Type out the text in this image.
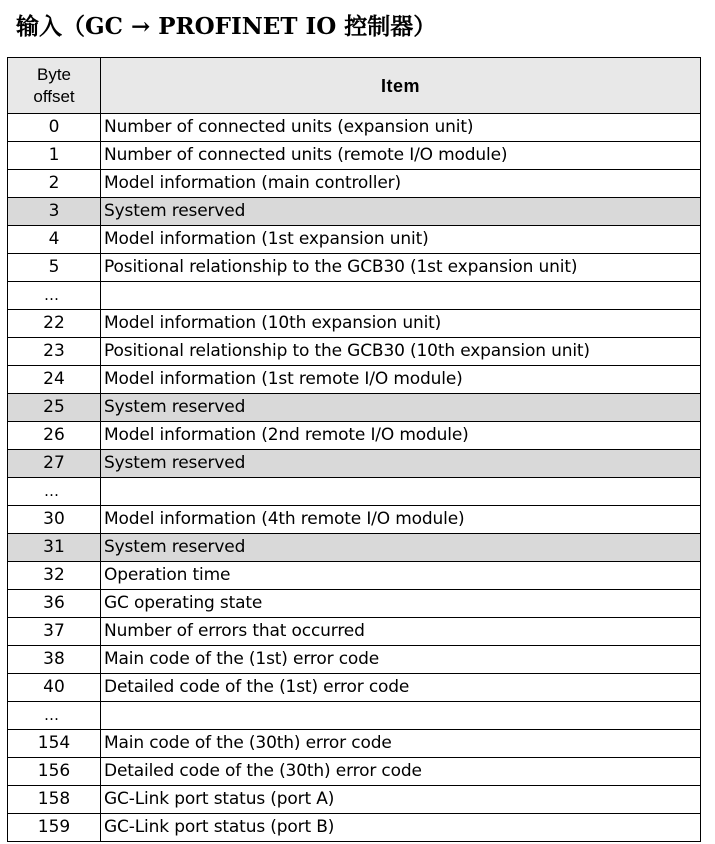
输入（GC → PROFINET IO 控制器）
Byte
offset	Item
0	Number of connected units (expansion unit)
1	Number of connected units (remote I/O module)
2	Model information (main controller)
3	System reserved
4	Model information (1st expansion unit)
5	Positional relationship to the GCB30 (1st expansion unit)
…	
22	Model information (10th expansion unit)
23	Positional relationship to the GCB30 (10th expansion unit)
24	Model information (1st remote I/O module)
25	System reserved
26	Model information (2nd remote I/O module)
27	System reserved
…	
30	Model information (4th remote I/O module)
31	System reserved
32	Operation time
36	GC operating state
37	Number of errors that occurred
38	Main code of the (1st) error code
40	Detailed code of the (1st) error code
…	
154	Main code of the (30th) error code
156	Detailed code of the (30th) error code
158	GC-Link port status (port A)
159	GC-Link port status (port B)
